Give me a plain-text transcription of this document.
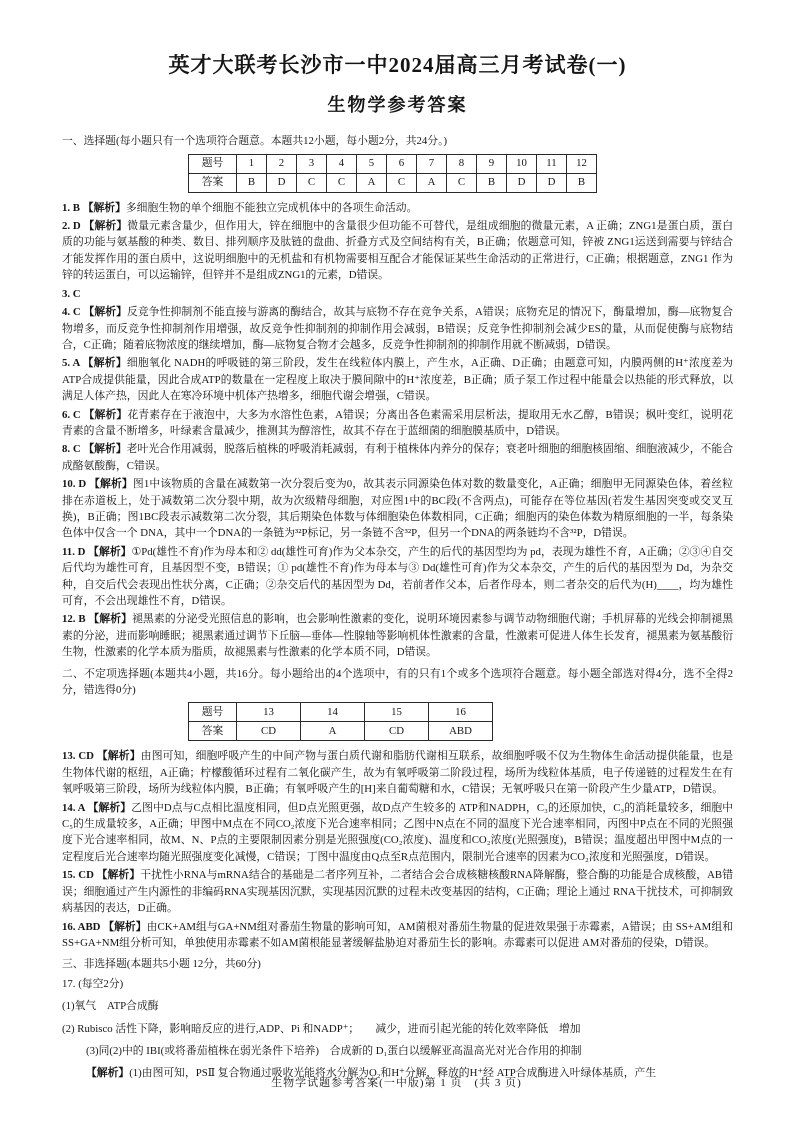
英才大联考长沙市一中2024届高三月考试卷(一)
生物学参考答案

一、选择题(每小题只有一个选项符合题意。本题共12小题，每小题2分，共24分。)

题号	1	2	3	4	5	6	7	8	9	10	11	12
答案	B	D	C	C	A	C	A	C	B	D	D	B

1. B 【解析】多细胞生物的单个细胞不能独立完成机体中的各项生命活动。

2. D 【解析】微量元素含量少，但作用大，锌在细胞中的含量很少但功能不可替代，是组成细胞的微量元素，A 正确；ZNG1是蛋白质，蛋白质的功能与氨基酸的种类、数目、排列顺序及肽链的盘曲、折叠方式及空间结构有关，B正确；依题意可知，锌被 ZNG1运送到需要与锌结合才能发挥作用的蛋白质中，这说明细胞中的无机盐和有机物需要相互配合才能保证某些生命活动的正常进行，C正确；根据题意，ZNG1 作为锌的转运蛋白，可以运输锌，但锌并不是组成ZNG1的元素，D错误。

3. C

4. C 【解析】反竞争性抑制剂不能直接与游离的酶结合，故其与底物不存在竞争关系，A错误；底物充足的情况下，酶量增加，酶—底物复合物增多，而反竞争性抑制剂作用增强，故反竞争性抑制剂的抑制作用会减弱，B错误；反竞争性抑制剂会减少ES的量，从而促使酶与底物结合，C正确；随着底物浓度的继续增加，酶—底物复合物才会越多，反竞争性抑制剂的抑制作用就不断减弱，D错误。

5. A 【解析】细胞氧化 NADH的呼吸链的第三阶段，发生在线粒体内膜上，产生水，A正确、D正确；由题意可知，内膜两侧的H⁺浓度差为ATP合成提供能量，因此合成ATP的数量在一定程度上取决于膜间隙中的H⁺浓度差，B正确；质子泵工作过程中能量会以热能的形式释放，以满足人体产热，因此人在寒冷环境中机体产热增多，细胞代谢会增强，C错误。

6. C 【解析】花青素存在于液泡中，大多为水溶性色素，A错误；分离出各色素需采用层析法，提取用无水乙醇，B错误；枫叶变红，说明花青素的含量不断增多，叶绿素含量减少，推测其为醇溶性，故其不存在于蓝细菌的细胞膜基质中，D错误。

8. C 【解析】老叶光合作用减弱，脱落后植株的呼吸消耗减弱，有利于植株体内养分的保存；衰老叶细胞的细胞核固缩、细胞液减少，不能合成酪氨酸酶，C错误。

10. D 【解析】图1中该物质的含量在减数第一次分裂后变为0，故其表示同源染色体对数的数量变化，A正确；细胞甲无同源染色体，着丝粒排在赤道板上，处于减数第二次分裂中期，故为次级精母细胞，对应图1中的BC段(不含两点)，可能存在等位基因(若发生基因突变或交叉互换)，B正确；图1BC段表示减数第二次分裂，其后期染色体数与体细胞染色体数相同，C正确；细胞丙的染色体数为精原细胞的一半，每条染色体中仅含一个 DNA，其中一个DNA的一条链为³²P标记，另一条链不含³²P，但另一个DNA的两条链均不含³²P，D错误。

11. D 【解析】①Pd(雄性不育)作为母本和② dd(雄性可育)作为父本杂交，产生的后代的基因型均为 pd，表现为雄性不育，A正确；②③④自交后代均为雄性可育，且基因型不变，B错误；① pd(雄性不育)作为母本与③ Dd(雄性可育)作为父本杂交，产生的后代的基因型为 Dd，为杂交种，自交后代会表现出性状分离，C正确；②杂交后代的基因型为 Dd，若前者作父本，后者作母本，则二者杂交的后代为(H)____，均为雄性可育，不会出现雄性不育，D错误。

12. B 【解析】褪黑素的分泌受光照信息的影响，也会影响性激素的变化，说明环境因素参与调节动物细胞代谢；手机屏幕的光线会抑制褪黑素的分泌，进而影响睡眠；褪黑素通过调节下丘脑—垂体—性腺轴等影响机体性激素的含量，性激素可促进人体生长发育，褪黑素为氨基酸衍生物，性激素的化学本质为脂质，故褪黑素与性激素的化学本质不同，D错误。

二、不定项选择题(本题共4小题，共16分。每小题给出的4个选项中，有的只有1个或多个选项符合题意。每小题全部选对得4分，选不全得2分，错选得0分)

题号	13	14	15	16
答案	CD	A	CD	ABD

13. CD 【解析】由图可知，细胞呼吸产生的中间产物与蛋白质代谢和脂肪代谢相互联系，故细胞呼吸不仅为生物体生命活动提供能量，也是生物体代谢的枢纽，A正确；柠檬酸循环过程有二氧化碳产生，故为有氧呼吸第二阶段过程，场所为线粒体基质，电子传递链的过程发生在有氧呼吸第三阶段，场所为线粒体内膜，B正确；有氧呼吸产生的[H]来自葡萄糖和水，C错误；无氧呼吸只在第一阶段产生少量ATP，D错误。

14. A 【解析】乙图中D点与C点相比温度相同，但D点光照更强，故D点产生较多的 ATP和NADPH，C₃的还原加快，C₃的消耗量较多，细胞中C₅的生成量较多，A正确；甲图中M点在不同CO₂浓度下光合速率相同；乙图中N点在不同的温度下光合速率相同，丙图中P点在不同的光照强度下光合速率相同，故M、N、P点的主要限制因素分别是光照强度(CO₂浓度)、温度和CO₂浓度(光照强度)，B错误；温度超出甲图中M点的一定程度后光合速率均随光照强度变化减慢，C错误；丁图中温度由Q点至R点范围内，限制光合速率的因素为CO₂浓度和光照强度，D错误。

15. CD 【解析】干扰性小RNA与mRNA结合的基础是二者序列互补，二者结合会合成核糖核酸RNA降解酶，整合酶的功能是合成核酸，AB错误；细胞通过产生内源性的非编码RNA实现基因沉默，实现基因沉默的过程未改变基因的结构，C正确；理论上通过 RNA干扰技术，可抑制致病基因的表达，D正确。

16. ABD 【解析】由CK+AM组与GA+NM组对番茄生物量的影响可知，AM菌根对番茄生物量的促进效果强于赤霉素，A错误；由 SS+AM组和SS+GA+NM组分析可知，单独使用赤霉素不如AM菌根能显著缓解盐胁迫对番茄生长的影响。赤霉素可以促进 AM对番茄的侵染，D错误。

三、非选择题(本题共5小题 12分，共60分)

17. (每空2分)

(1)氧气　ATP合成酶

(2) Rubisco 活性下降，影响暗反应的进行,ADP、Pi 和NADP⁺；　　减少，进而引起光能的转化效率降低　增加

(3)同(2)中的 IBI(或将番茄植株在弱光条件下培养)　合成新的 D₁蛋白以缓解亚高温高光对光合作用的抑制

【解析】(1)由图可知，PSⅡ 复合物通过吸收光能将水分解为O₂和H⁺分解，释放的H⁺经 ATP合成酶进入叶绿体基质，产生

生物学试题参考答案(一中版)第 1 页　(共 3 页)
